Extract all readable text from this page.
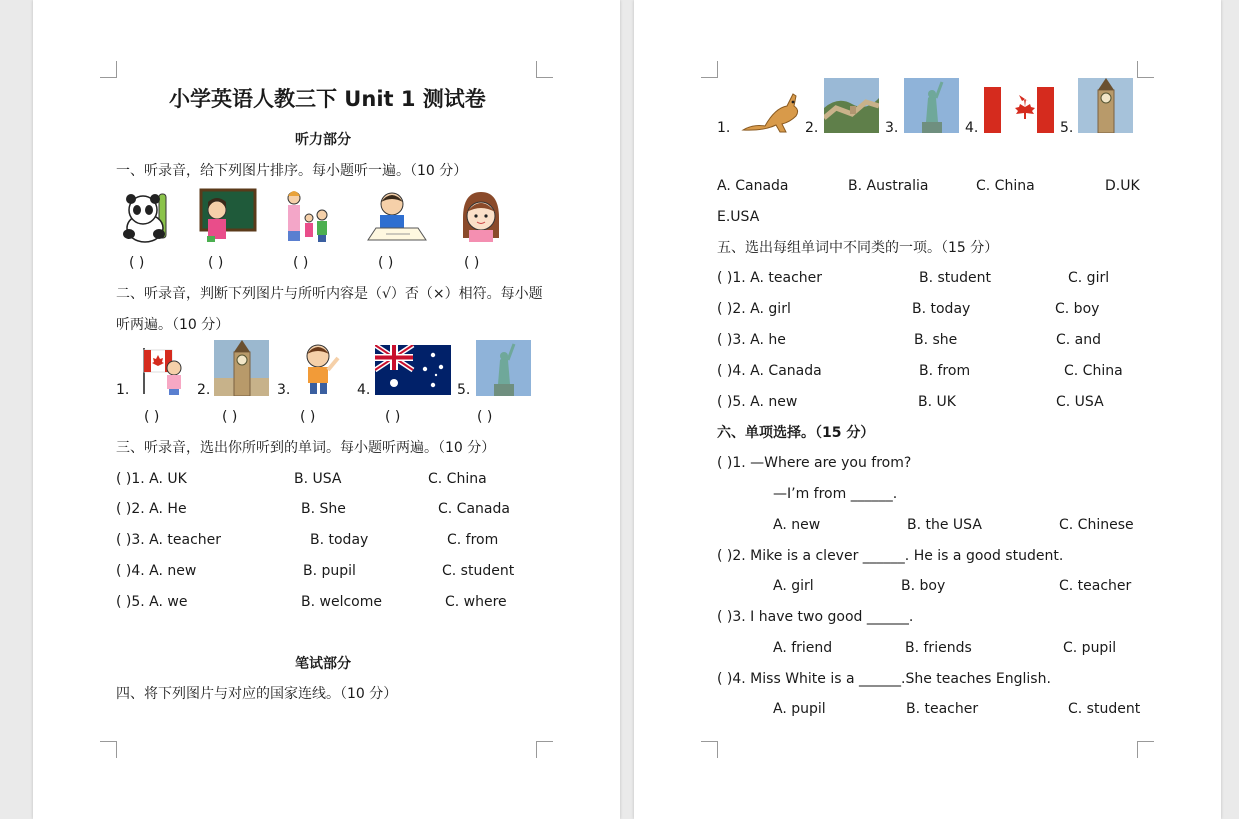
小学英语人教三下 Unit 1 测试卷
听力部分
一、听录音，给下列图片排序。每小题听一遍。（10 分）
( )	( )	( )	( )	( )
二、听录音，判断下列图片与所听内容是（√）否（×）相符。每小题
听两遍。（10 分）
1.	2.	3.	4.	5.
( )	( )	( )	( )	( )
三、听录音，选出你所听到的单词。每小题听两遍。（10 分）
( )1. A. UK	B. USA	C. China
( )2. A. He	B. She	C. Canada
( )3. A. teacher	B. today	C. from
( )4. A. new	B. pupil	C. student
( )5. A. we	B. welcome	C. where
笔试部分
四、将下列图片与对应的国家连线。（10 分）
1.	2.	3.	4.	5.
A. Canada	B. Australia	C. China	D.UK
E.USA
五、选出每组单词中不同类的一项。（15 分）
( )1. A. teacher	B. student	C. girl
( )2. A. girl	B. today	C. boy
( )3. A. he	B. she	C. and
( )4. A. Canada	B. from	C. China
( )5. A. new	B. UK	C. USA
六、单项选择。（15 分）
( )1. —Where are you from?
—I’m from ______.
A. new	B. the USA	C. Chinese
( )2. Mike is a clever ______. He is a good student.
A. girl	B. boy	C. teacher
( )3. I have two good ______.
A. friend	B. friends	C. pupil
( )4. Miss White is a ______.She teaches English.
A. pupil	B. teacher	C. student
